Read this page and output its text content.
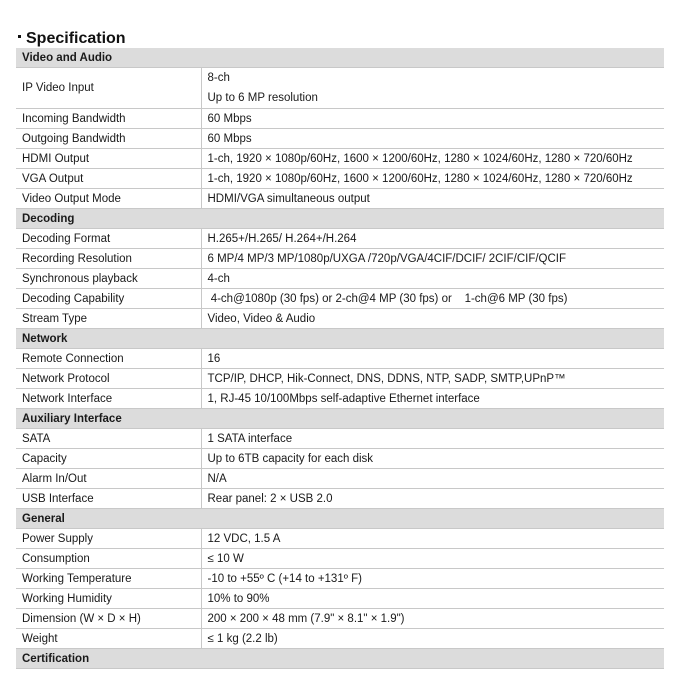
Specification
Video and Audio	
IP Video Input	8-ch
Up to 6 MP resolution

Incoming Bandwidth	60 Mbps
Outgoing Bandwidth	60 Mbps
HDMI Output	1-ch, 1920 × 1080p/60Hz, 1600 × 1200/60Hz, 1280 × 1024/60Hz, 1280 × 720/60Hz
VGA Output	1-ch, 1920 × 1080p/60Hz, 1600 × 1200/60Hz, 1280 × 1024/60Hz, 1280 × 720/60Hz
Video Output Mode	HDMI/VGA simultaneous output
Decoding	
Decoding Format	H.265+/H.265/ H.264+/H.264
Recording Resolution	6 MP/4 MP/3 MP/1080p/UXGA /720p/VGA/4CIF/DCIF/ 2CIF/CIF/QCIF
Synchronous playback	4-ch
Decoding Capability	4-ch@1080p (30 fps) or 2-ch@4 MP (30 fps) or    1-ch@6 MP (30 fps)
Stream Type	Video, Video & Audio
Network	
Remote Connection	16
Network Protocol	TCP/IP, DHCP, Hik-Connect, DNS, DDNS, NTP, SADP, SMTP,UPnP™
Network Interface	1, RJ-45 10/100Mbps self-adaptive Ethernet interface
Auxiliary Interface	
SATA	1 SATA interface
Capacity	Up to 6TB capacity for each disk
Alarm In/Out	N/A
USB Interface	Rear panel: 2 × USB 2.0
General	
Power Supply	12 VDC, 1.5 A
Consumption	≤ 10 W
Working Temperature	-10 to +55º C (+14 to +131º F)
Working Humidity	10% to 90%
Dimension (W × D × H)	200 × 200 × 48 mm (7.9" × 8.1" × 1.9")
Weight	≤ 1 kg (2.2 lb)
Certification	
